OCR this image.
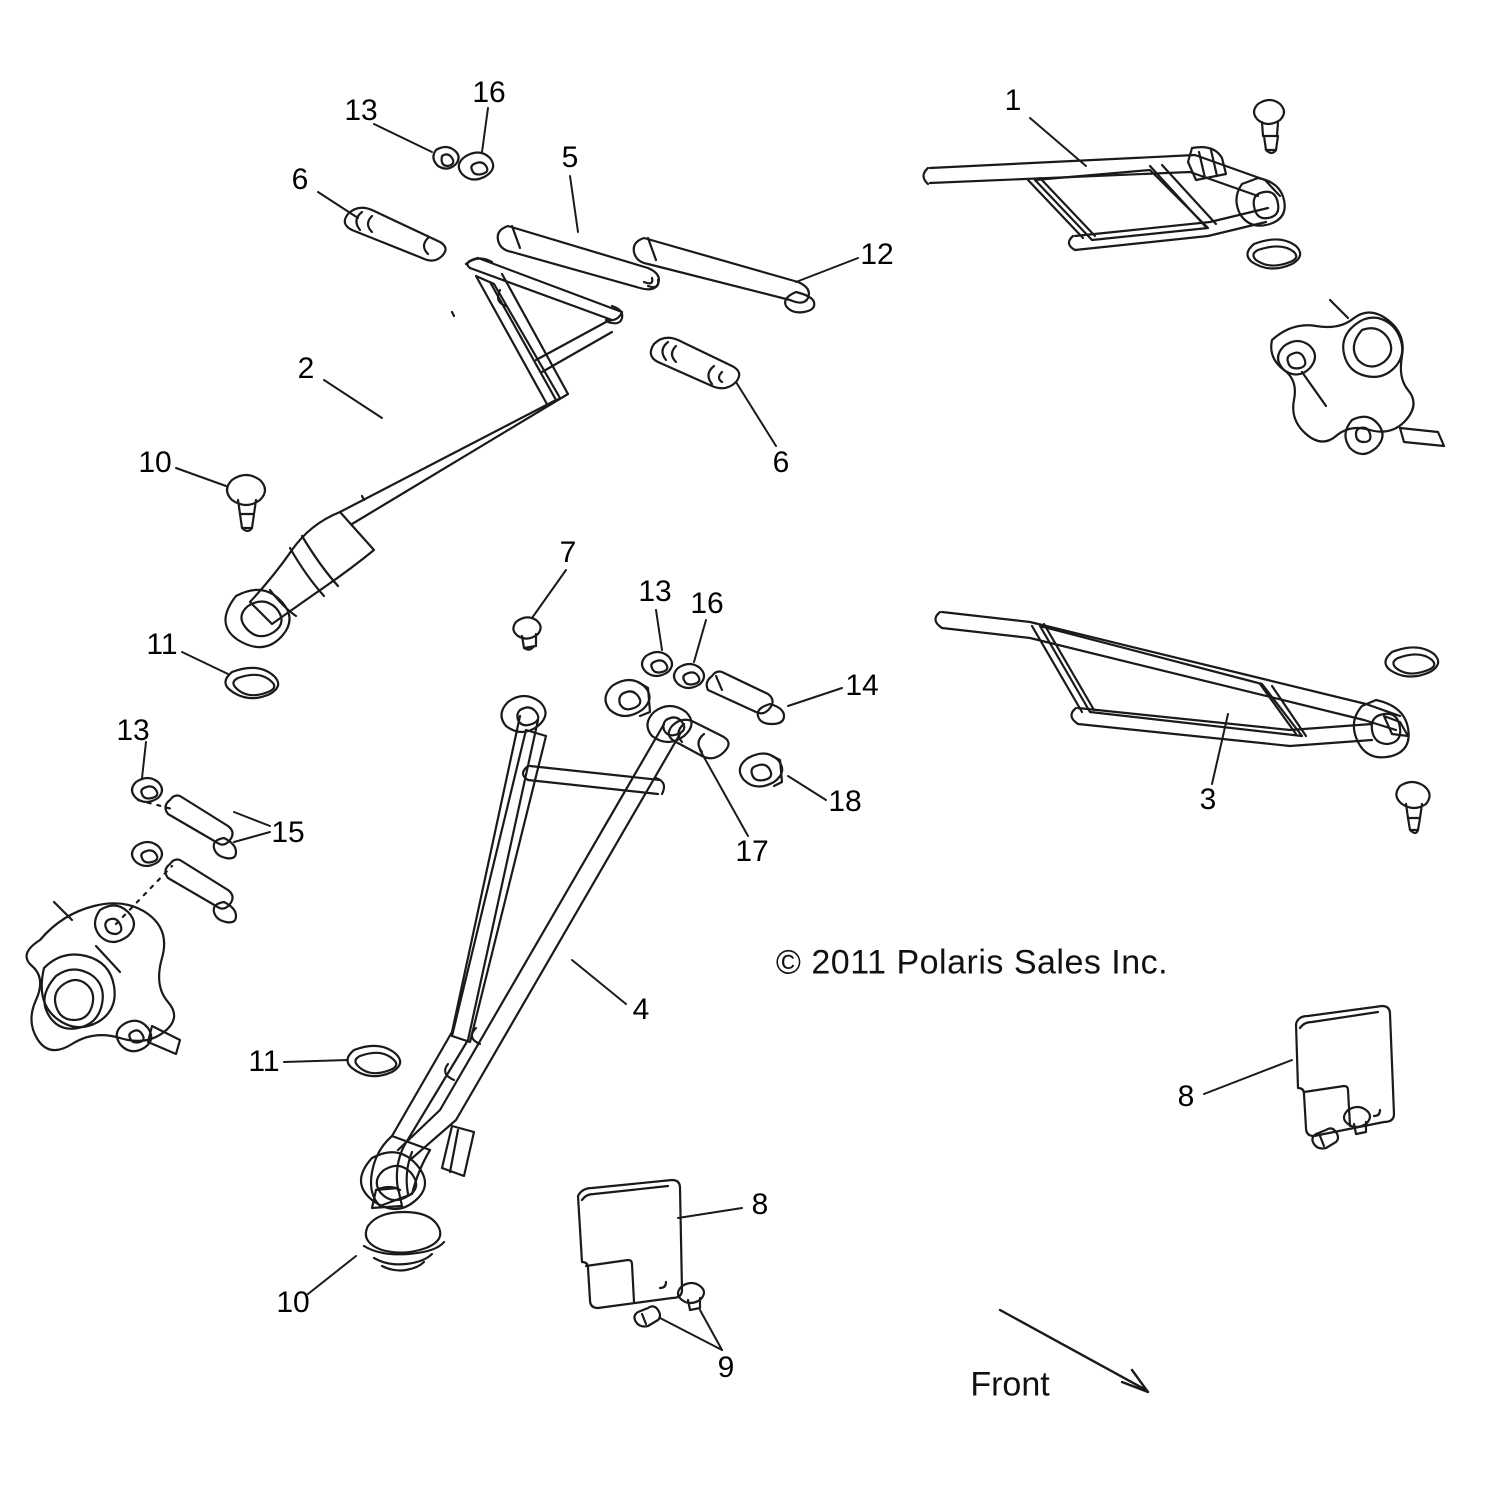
1
13
16
5
6
12
2
6
10
7
13 16
11
14
13
18	3
15
17
4
11
8
8
10
9
© 2011 Polaris Sales Inc.
Front
